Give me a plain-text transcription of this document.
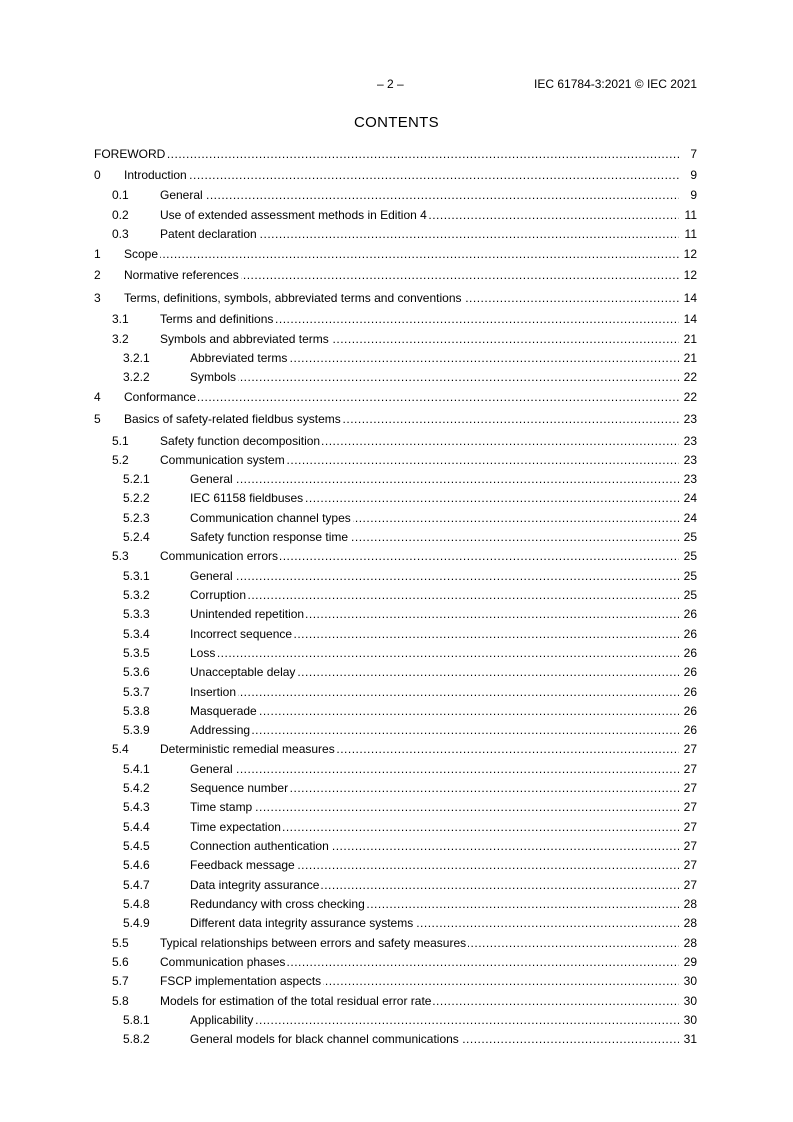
– 2 –	IEC 61784-3:2021 © IEC 2021
CONTENTS
FOREWORD .....	7
0 Introduction .....	9
0.1	General .....	9
0.2	Use of extended assessment methods in Edition 4 .....	11
0.3	Patent declaration .....	11
1 Scope .....	12
2 Normative references .....	12
3 Terms, definitions, symbols, abbreviated terms and conventions .....	14
3.1	Terms and definitions .....	14
3.2	Symbols and abbreviated terms .....	21
3.2.1	Abbreviated terms .....	21
3.2.2	Symbols .....	22
4 Conformance .....	22
5 Basics of safety-related fieldbus systems .....	23
5.1	Safety function decomposition .....	23
5.2	Communication system .....	23
5.2.1	General .....	23
5.2.2	IEC 61158 fieldbuses .....	24
5.2.3	Communication channel types .....	24
5.2.4	Safety function response time .....	25
5.3	Communication errors .....	25
5.3.1	General .....	25
5.3.2	Corruption .....	25
5.3.3	Unintended repetition .....	26
5.3.4	Incorrect sequence .....	26
5.3.5	Loss .....	26
5.3.6	Unacceptable delay .....	26
5.3.7	Insertion .....	26
5.3.8	Masquerade .....	26
5.3.9	Addressing .....	26
5.4	Deterministic remedial measures .....	27
5.4.1	General .....	27
5.4.2	Sequence number .....	27
5.4.3	Time stamp .....	27
5.4.4	Time expectation .....	27
5.4.5	Connection authentication .....	27
5.4.6	Feedback message .....	27
5.4.7	Data integrity assurance .....	27
5.4.8	Redundancy with cross checking .....	28
5.4.9	Different data integrity assurance systems .....	28
5.5	Typical relationships between errors and safety measures .....	28
5.6	Communication phases .....	29
5.7	FSCP implementation aspects .....	30
5.8	Models for estimation of the total residual error rate .....	30
5.8.1	Applicability .....	30
5.8.2	General models for black channel communications .....	31
